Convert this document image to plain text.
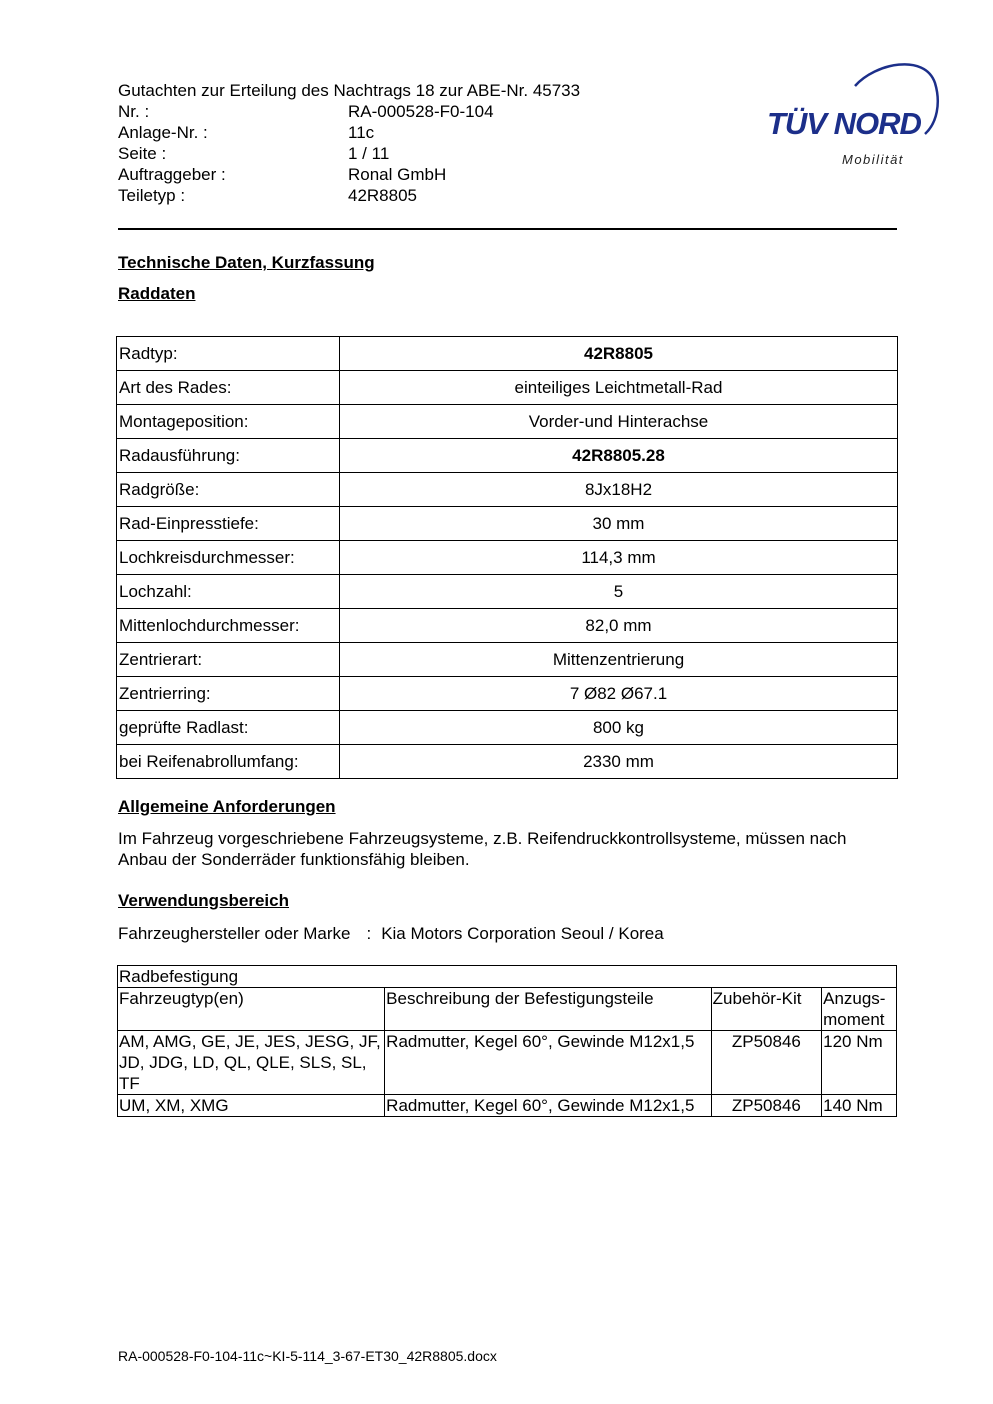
Gutachten zur Erteilung des Nachtrags 18 zur ABE-Nr. 45733
Nr. :	RA-000528-F0-104
Anlage-Nr. :	11c
Seite :	1 / 11
Auftraggeber :	Ronal GmbH
Teiletyp :	42R8805
TÜV NORD
Mobilität
Technische Daten, Kurzfassung
Raddaten
Radtyp:	42R8805
Art des Rades:	einteiliges Leichtmetall-Rad
Montageposition:	Vorder-und Hinterachse
Radausführung:	42R8805.28
Radgröße:	8Jx18H2
Rad-Einpresstiefe:	30 mm
Lochkreisdurchmesser:	114,3 mm
Lochzahl:	5
Mittenlochdurchmesser:	82,0 mm
Zentrierart:	Mittenzentrierung
Zentrierring:	7 Ø82 Ø67.1
geprüfte Radlast:	800 kg
bei Reifenabrollumfang:	2330 mm
Allgemeine Anforderungen
Im Fahrzeug vorgeschriebene Fahrzeugsysteme, z.B. Reifendruckkontrollsysteme, müssen nach Anbau der Sonderräder funktionsfähig bleiben.
Verwendungsbereich
Fahrzeughersteller oder Marke : Kia Motors Corporation Seoul / Korea
Radbefestigung			
Fahrzeugtyp(en)	Beschreibung der Befestigungsteile	Zubehör-Kit	Anzugs-moment
AM, AMG, GE, JE, JES, JESG, JF, JD, JDG, LD, QL, QLE, SLS, SL, TF	Radmutter, Kegel 60°, Gewinde M12x1,5	ZP50846	120 Nm
UM, XM, XMG	Radmutter, Kegel 60°, Gewinde M12x1,5	ZP50846	140 Nm
RA-000528-F0-104-11c~KI-5-114_3-67-ET30_42R8805.docx
